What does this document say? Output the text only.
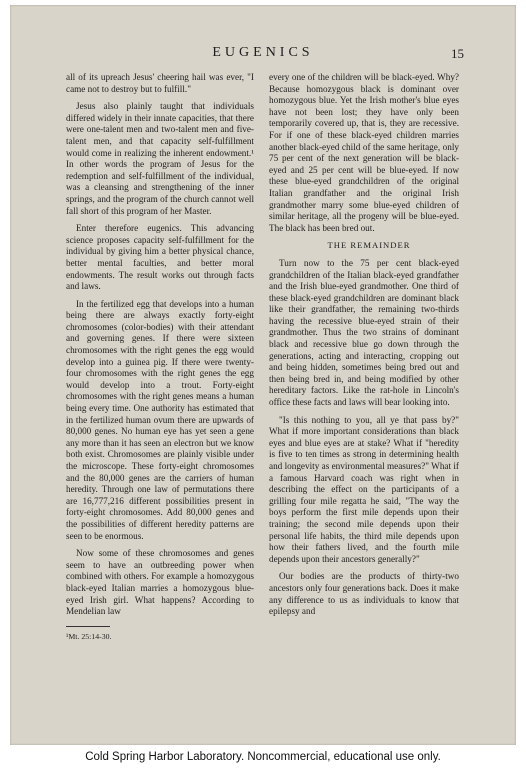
EUGENICS	15

all of its upreach Jesus' cheering hail was ever, "I came not to destroy but to fulfill."

Jesus also plainly taught that individuals differed widely in their innate capacities, that there were one-talent men and two-talent men and five-talent men, and that capacity self-fulfillment would come in realizing the inherent endowment.¹ In other words the program of Jesus for the redemption and self-fulfillment of the individual, was a cleansing and strengthening of the inner springs, and the program of the church cannot well fall short of this program of her Master.

Enter therefore eugenics. This advancing science proposes capacity self-fulfillment for the individual by giving him a better physical chance, better mental faculties, and better moral endowments. The result works out through facts and laws.

In the fertilized egg that develops into a human being there are always exactly forty-eight chromosomes (color-bodies) with their attendant and governing genes. If there were sixteen chromosomes with the right genes the egg would develop into a guinea pig. If there were twenty-four chromosomes with the right genes the egg would develop into a trout. Forty-eight chromosomes with the right genes means a human being every time. One authority has estimated that in the fertilized human ovum there are upwards of 80,000 genes. No human eye has yet seen a gene any more than it has seen an electron but we know both exist. Chromosomes are plainly visible under the microscope. These forty-eight chromosomes and the 80,000 genes are the carriers of human heredity. Through one law of permutations there are 16,777,216 different possibilities present in forty-eight chromosomes. Add 80,000 genes and the possibilities of different heredity patterns are seen to be enormous.

Now some of these chromosomes and genes seem to have an outbreeding power when combined with others. For example a homozygous black-eyed Italian marries a homozygous blue-eyed Irish girl. What happens? According to Mendelian law

¹Mt. 25:14-30.

every one of the children will be black-eyed. Why? Because homozygous black is dominant over homozygous blue. Yet the Irish mother's blue eyes have not been lost; they have only been temporarily covered up, that is, they are recessive. For if one of these black-eyed children marries another black-eyed child of the same heritage, only 75 per cent of the next generation will be black-eyed and 25 per cent will be blue-eyed. If now these blue-eyed grandchildren of the original Italian grandfather and the original Irish grandmother marry some blue-eyed children of similar heritage, all the progeny will be blue-eyed. The black has been bred out.

THE REMAINDER

Turn now to the 75 per cent black-eyed grandchildren of the Italian black-eyed grandfather and the Irish blue-eyed grandmother. One third of these black-eyed grandchildren are dominant black like their grandfather, the remaining two-thirds having the recessive blue-eyed strain of their grandmother. Thus the two strains of dominant black and recessive blue go down through the generations, acting and interacting, cropping out and being hidden, sometimes being bred out and then being bred in, and being modified by other hereditary factors. Like the rat-hole in Lincoln's office these facts and laws will bear looking into.

"Is this nothing to you, all ye that pass by?" What if more important considerations than black eyes and blue eyes are at stake? What if "heredity is five to ten times as strong in determining health and longevity as environmental measures?" What if a famous Harvard coach was right when in describing the effect on the participants of a grilling four mile regatta he said, "The way the boys perform the first mile depends upon their training; the second mile depends upon their personal life habits, the third mile depends upon how their fathers lived, and the fourth mile depends upon their ancestors generally?"

Our bodies are the products of thirty-two ancestors only four generations back. Does it make any difference to us as individuals to know that epilepsy and

Cold Spring Harbor Laboratory. Noncommercial, educational use only.
